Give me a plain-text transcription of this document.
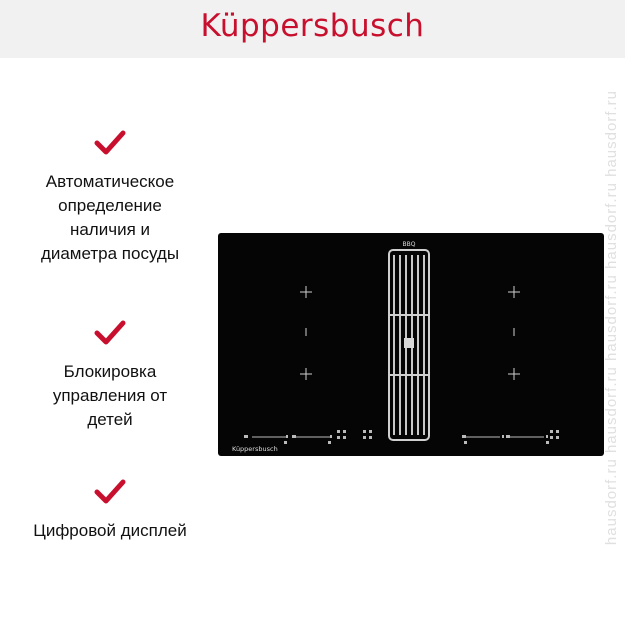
Küppersbusch
Автоматическое
определение
наличия и
диаметра посуды
Блокировка
управления от
детей
Цифровой дисплей
BBQ
Küppersbusch	hausdorf.ru hausdorf.ru hausdorf.ru hausdorf.ru hausdorf.ru
